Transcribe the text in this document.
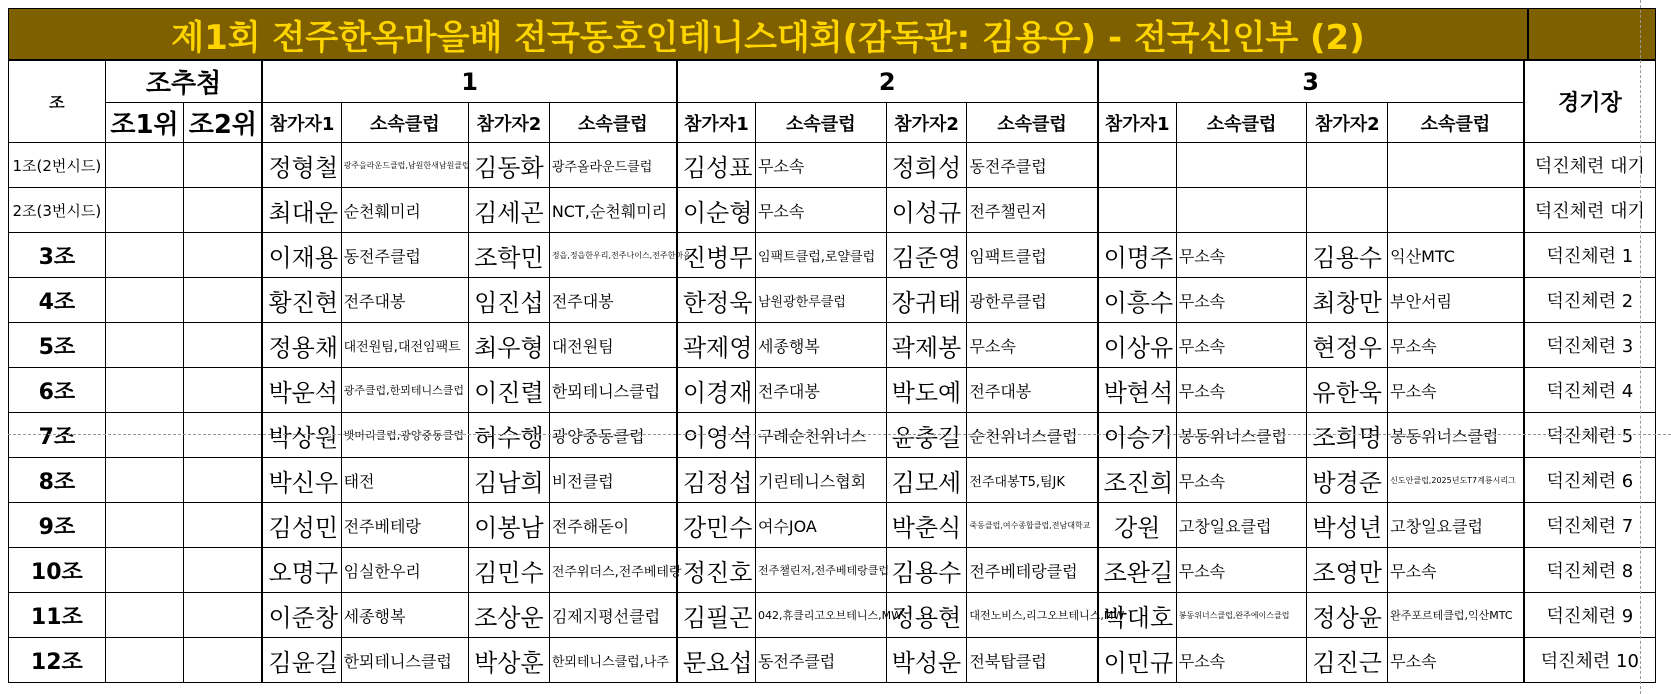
제1회 전주한옥마을배 전국동호인테니스대회(감독관: 김용우) - 전국신인부 (2)
조	조추첨		1				2				3				경기장
	조1위	조2위	참가자1	소속클럽	참가자2	소속클럽	참가자1	소속클럽	참가자2	소속클럽	참가자1	소속클럽	참가자2	소속클럽	
1조(2번시드)			정형철	광주을라운드클럽,남원한새남원클럽	김동화	광주올라운드클럽	김성표	무소속	정희성	동전주클럽					덕진체련 대기
2조(3번시드)			최대운	순천훼미리	김세곤	NCT,순천훼미리	이순형	무소속	이성규	전주챌린저					덕진체련 대기
3조			이재용	동전주클럽	조학민	정읍,정읍한우리,전주나이스,전주한마음	진병무	임팩트클럽,로얄클럽	김준영	임팩트클럽	이명주	무소속	김용수	익산MTC	덕진체련 1
4조			황진현	전주대봉	임진섭	전주대봉	한정욱	남원광한루클럽	장귀태	광한루클럽	이흥수	무소속	최창만	부안서림	덕진체련 2
5조			정용채	대전원팀,대전임팩트	최우형	대전원팀	곽제영	세종행복	곽제봉	무소속	이상유	무소속	현정우	무소속	덕진체련 3
6조			박운석	광주클럽,한뫼테니스클럽	이진렬	한뫼테니스클럽	이경재	전주대봉	박도예	전주대봉	박현석	무소속	유한욱	무소속	덕진체련 4
7조			박상원	뱃머리클럽,광양중동클럽	허수행	광양중동클럽	이영석	구례순천위너스	윤충길	순천위너스클럽	이승기	봉동위너스클럽	조희명	봉동위너스클럽	덕진체련 5
8조			박신우	태전	김남희	비전클럽	김정섭	기린테니스협회	김모세	전주대봉T5,팀JK	조진희	무소속	방경준	신도안클럽,2025년도T7계룡시리그	덕진체련 6
9조			김성민	전주베테랑	이봉남	전주해돋이	강민수	여수JOA	박춘식	죽동클럽,여수종합클럽,전남대학교	강원	고창일요클럽	박성년	고창일요클럽	덕진체련 7
10조			오명구	임실한우리	김민수	전주위더스,전주베테랑	정진호	전주챌린저,전주베테랑클럽	김용수	전주베테랑클럽	조완길	무소속	조영만	무소속	덕진체련 8
11조			이준창	세종행복	조상운	김제지평선클럽	김필곤	042,휴클리고오브테니스,MW	정용현	대전노비스,리그오브테니스,MW	박대호	봉동위너스클럽,완주에이스클럽	정상윤	완주포르테클럽,익산MTC	덕진체련 9
12조			김윤길	한뫼테니스클럽	박상훈	한뫼테니스클럽,나주	문요섭	동전주클럽	박성운	전북탑클럽	이민규	무소속	김진근	무소속	덕진체련 10
